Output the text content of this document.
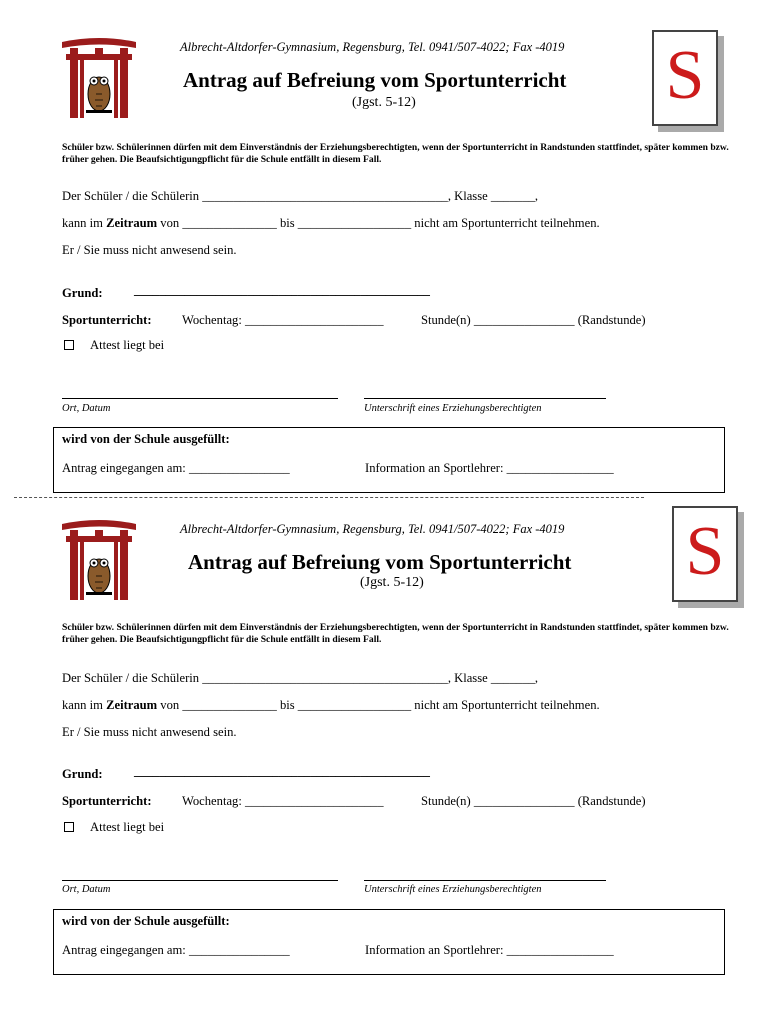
Albrecht-Altdorfer-Gymnasium, Regensburg, Tel. 0941/507-4022; Fax -4019
Antrag auf Befreiung vom Sportunterricht
(Jgst. 5-12)	S
Schüler bzw. Schülerinnen dürfen mit dem Einverständnis der Erziehungsberechtigten, wenn der Sportunterricht in Randstunden stattfindet, später kommen bzw. früher gehen. Die Beaufsichtigungpflicht für die Schule entfällt in diesem Fall.
Der Schüler / die Schülerin _______________________________________, Klasse _______,
kann im Zeitraum von _______________ bis __________________ nicht am Sportunterricht teilnehmen.
Er / Sie muss nicht anwesend sein.
Grund: _______________________________________________
Sportunterricht: Wochentag: ______________________	Stunde(n) ________________ (Randstunde)
Attest liegt bei
Ort, Datum	Unterschrift eines Erziehungsberechtigten
wird von der Schule ausgefüllt:
Antrag eingegangen am: ________________	Information an Sportlehrer: _________________
Albrecht-Altdorfer-Gymnasium, Regensburg, Tel. 0941/507-4022; Fax -4019
Antrag auf Befreiung vom Sportunterricht
(Jgst. 5-12)	S
Schüler bzw. Schülerinnen dürfen mit dem Einverständnis der Erziehungsberechtigten, wenn der Sportunterricht in Randstunden stattfindet, später kommen bzw. früher gehen. Die Beaufsichtigungpflicht für die Schule entfällt in diesem Fall.
Der Schüler / die Schülerin _______________________________________, Klasse _______,
kann im Zeitraum von _______________ bis __________________ nicht am Sportunterricht teilnehmen.
Er / Sie muss nicht anwesend sein.
Grund: _______________________________________________
Sportunterricht: Wochentag: ______________________	Stunde(n) ________________ (Randstunde)
Attest liegt bei
Ort, Datum	Unterschrift eines Erziehungsberechtigten
wird von der Schule ausgefüllt:
Antrag eingegangen am: ________________	Information an Sportlehrer: _________________
